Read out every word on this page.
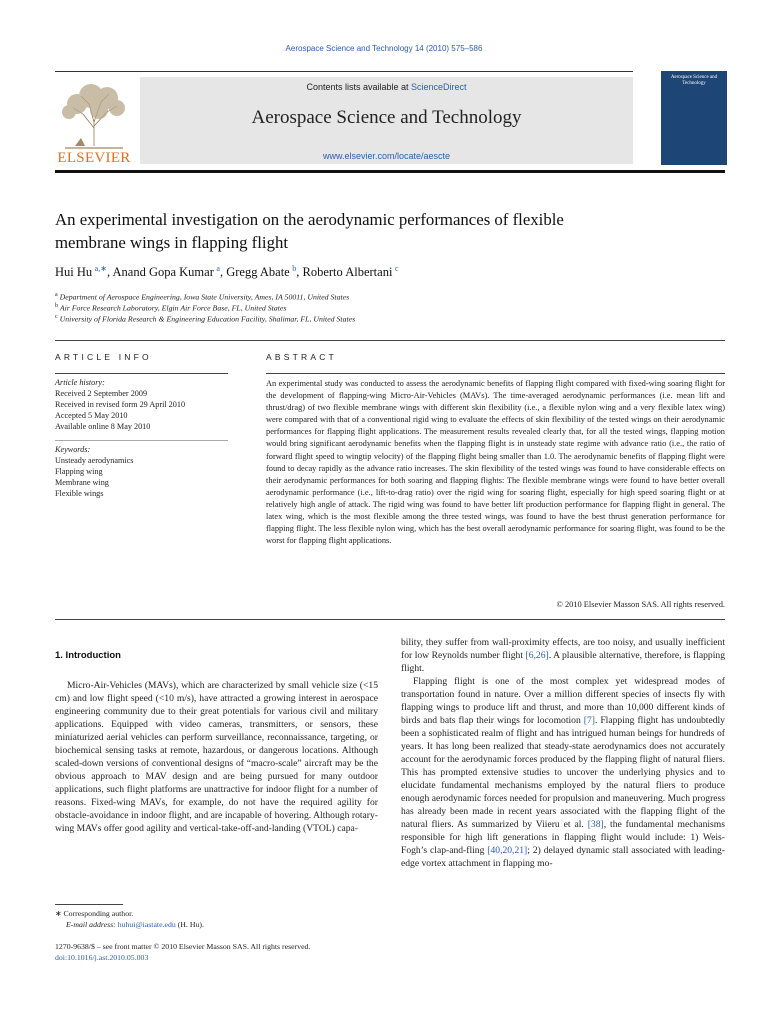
Aerospace Science and Technology 14 (2010) 575–586
ELSEVIER
Contents lists available at ScienceDirect
Aerospace Science and Technology
www.elsevier.com/locate/aescte
Aerospace Science and Technology
An experimental investigation on the aerodynamic performances of flexible
membrane wings in flapping flight
Hui Hu  $^{a,∗}$, Anand Gopa Kumar  $^a$, Gregg Abate  $^b$, Roberto Albertani  $^c$
$^a$ Department of Aerospace Engineering, Iowa State University, Ames, IA 50011, United States
$^b$ Air Force Research Laboratory, Elgin Air Force Base, FL, United States
$^c$ University of Florida Research & Engineering Education Facility, Shalimar, FL, United States
ARTICLE INFO	ABSTRACT
Article history:
Received 2 September 2009
Received in revised form 29 April 2010
Accepted 5 May 2010
Available online 8 May 2010
Keywords:
Unsteady aerodynamics
Flapping wing
Membrane wing
Flexible wings
An experimental study was conducted to assess the aerodynamic benefits of flapping flight compared with fixed-wing soaring flight for the development of flapping-wing Micro-Air-Vehicles (MAVs). The time-averaged aerodynamic performances (i.e. mean lift and thrust/drag) of two flexible membrane wings with different skin flexibility (i.e., a flexible nylon wing and a very flexible latex wing) were compared with that of a conventional rigid wing to evaluate the effects of skin flexibility of the tested wings on their aerodynamic performances for flapping flight applications. The measurement results revealed clearly that, for all the tested wings, flapping motion would bring significant aerodynamic benefits when the flapping flight is in unsteady state regime with advance ratio (i.e., the ratio of forward flight speed to wingtip velocity) of the flapping flight being smaller than 1.0. The aerodynamic benefits of flapping flight were found to decay rapidly as the advance ratio increases. The skin flexibility of the tested wings was found to have considerable effects on their aerodynamic performances for both soaring and flapping flights: The flexible membrane wings were found to have better overall aerodynamic performance (i.e., lift-to-drag ratio) over the rigid wing for soaring flight, especially for high speed soaring flight or at relatively high angle of attack. The rigid wing was found to have better lift production performance for flapping flight in general. The latex wing, which is the most flexible among the three tested wings, was found to have the best thrust generation performance for flapping flight. The less flexible nylon wing, which has the best overall aerodynamic performance for soaring flight, was found to be the worst for flapping flight applications.
© 2010 Elsevier Masson SAS. All rights reserved.
1. Introduction

Micro-Air-Vehicles (MAVs), which are characterized by small vehicle size (<15 cm) and low flight speed (<10 m/s), have attracted a growing interest in aerospace engineering community due to their great potentials for various civil and military applications. Equipped with video cameras, transmitters, or sensors, these miniaturized aerial vehicles can perform surveillance, reconnaissance, targeting, or biochemical sensing tasks at remote, hazardous, or dangerous locations. Although scaled-down versions of conventional designs of “macro-scale” aircraft may be the obvious approach to MAV design and are being pursued for many outdoor applications, such flight platforms are unattractive for indoor flight for a number of reasons. Fixed-wing MAVs, for example, do not have the required agility for obstacle-avoidance in indoor flight, and are incapable of hovering. Although rotary-wing MAVs offer good agility and vertical-take-off-and-landing (VTOL) capa-

bility, they suffer from wall-proximity effects, are too noisy, and usually inefficient for low Reynolds number flight [6,26]. A plausible alternative, therefore, is flapping flight.

Flapping flight is one of the most complex yet widespread modes of transportation found in nature. Over a million different species of insects fly with flapping wings to produce lift and thrust, and more than 10,000 different kinds of birds and bats flap their wings for locomotion [7]. Flapping flight has undoubtedly been a sophisticated realm of flight and has intrigued human beings for hundreds of years. It has long been realized that steady-state aerodynamics does not accurately account for the aerodynamic forces produced by the flapping flight of natural fliers. This has prompted extensive studies to uncover the underlying physics and to elucidate fundamental mechanisms employed by the natural fliers to produce enough aerodynamic forces needed for propulsion and maneuvering. Much progress has already been made in recent years associated with the flapping flight of the natural fliers. As summarized by Viieru et al. [38], the fundamental mechanisms responsible for high lift generations in flapping flight would include: 1) Weis-Fogh’s clap-and-fling [40,20,21]; 2) delayed dynamic stall associated with leading-edge vortex attachment in flapping mo-

∗ Corresponding author.
E-mail address: huhui@iastate.edu (H. Hu).
1270-9638/$ – see front matter © 2010 Elsevier Masson SAS. All rights reserved.
doi:10.1016/j.ast.2010.05.003
